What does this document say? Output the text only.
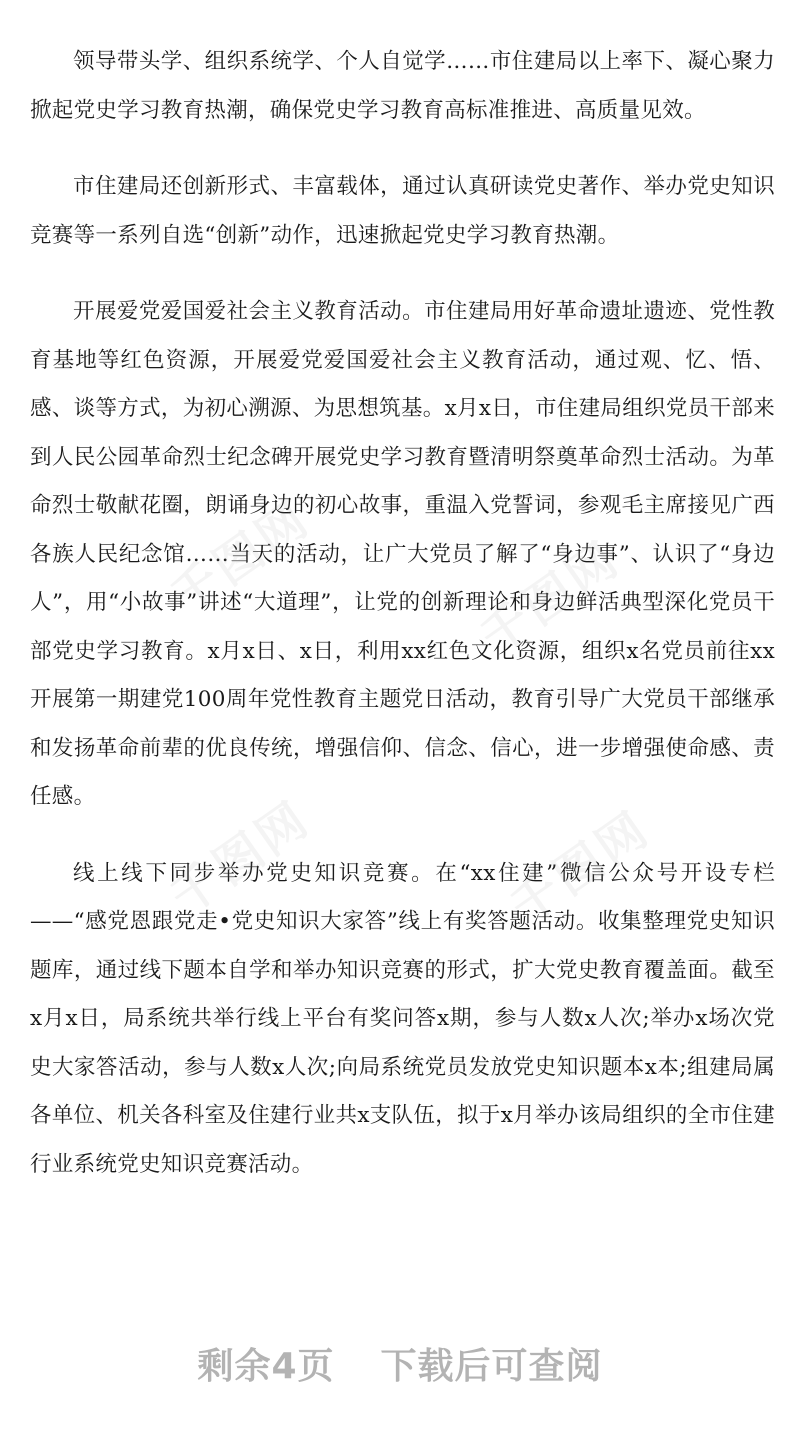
领导带头学、组织系统学、个人自觉学……市住建局以上率下、凝心聚力掀起党史学习教育热潮，确保党史学习教育高标准推进、高质量见效。

市住建局还创新形式、丰富载体，通过认真研读党史著作、举办党史知识竞赛等一系列自选“创新”动作，迅速掀起党史学习教育热潮。

开展爱党爱国爱社会主义教育活动。市住建局用好革命遗址遗迹、党性教育基地等红色资源，开展爱党爱国爱社会主义教育活动，通过观、忆、悟、感、谈等方式，为初心溯源、为思想筑基。x月x日，市住建局组织党员干部来到人民公园革命烈士纪念碑开展党史学习教育暨清明祭奠革命烈士活动。为革命烈士敬献花圈，朗诵身边的初心故事，重温入党誓词，参观毛主席接见广西各族人民纪念馆……当天的活动，让广大党员了解了“身边事”、认识了“身边人”，用“小故事”讲述“大道理”，让党的创新理论和身边鲜活典型深化党员干部党史学习教育。x月x日、x日，利用xx红色文化资源，组织x名党员前往xx开展第一期建党100周年党性教育主题党日活动，教育引导广大党员干部继承和发扬革命前辈的优良传统，增强信仰、信念、信心，进一步增强使命感、责任感。

线上线下同步举办党史知识竞赛。在“xx住建”微信公众号开设专栏——“感党恩跟党走•党史知识大家答”线上有奖答题活动。收集整理党史知识题库，通过线下题本自学和举办知识竞赛的形式，扩大党史教育覆盖面。截至x月x日，局系统共举行线上平台有奖问答x期，参与人数x人次;举办x场次党史大家答活动，参与人数x人次;向局系统党员发放党史知识题本x本;组建局属各单位、机关各科室及住建行业共x支队伍，拟于x月举办该局组织的全市住建行业系统党史知识竞赛活动。

千图网	千图网
千图网	千图网
剩余4页 下载后可查阅
